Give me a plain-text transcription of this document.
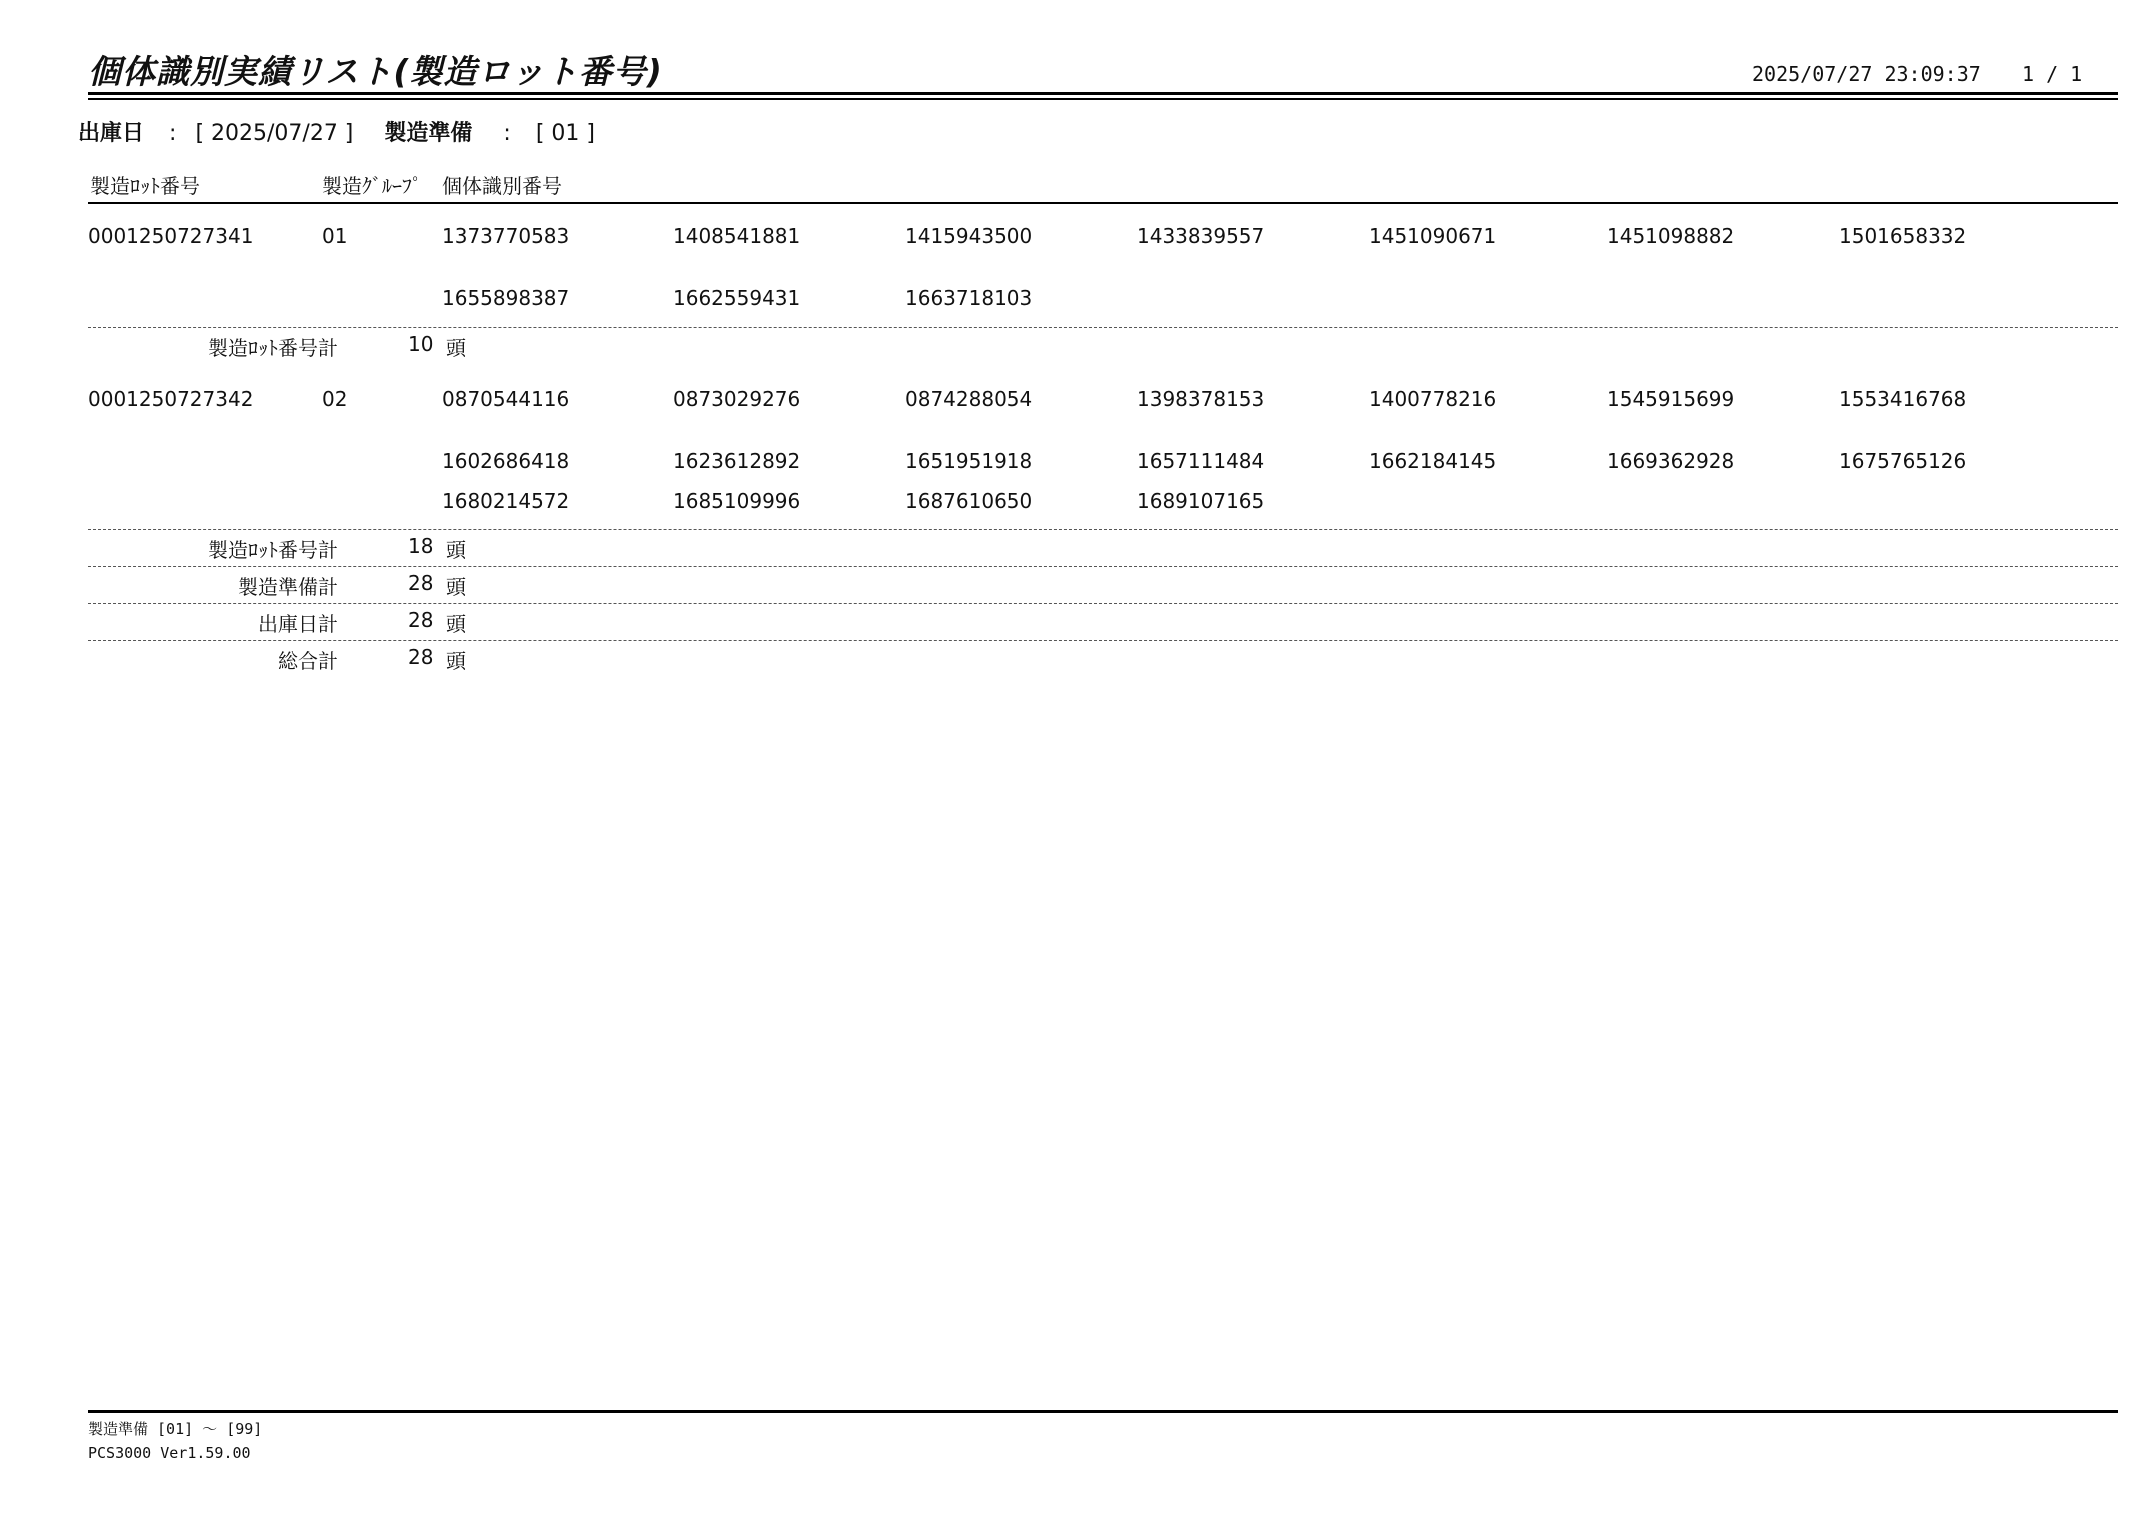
個体識別実績リスト(製造ロット番号)	2025/07/27 23:09:37 1 / 1
出庫日 : [ 2025/07/27 ] 製造準備 : [ 01 ]
製造ﾛｯﾄ番号	製造ｸﾞﾙｰﾌﾟ 個体識別番号
0001250727341	01	1373770583	1408541881	1415943500	1433839557	1451090671	1451098882	1501658332
1655898387	1662559431	1663718103
製造ﾛｯﾄ番号計	10 頭
0001250727342	02	0870544116	0873029276	0874288054	1398378153	1400778216	1545915699	1553416768
1602686418	1623612892	1651951918	1657111484	1662184145	1669362928	1675765126
1680214572	1685109996	1687610650	1689107165
製造ﾛｯﾄ番号計	18 頭
製造準備計	28 頭
出庫日計	28 頭
総合計	28 頭
製造準備 [01] ～ [99]
PCS3000 Ver1.59.00
